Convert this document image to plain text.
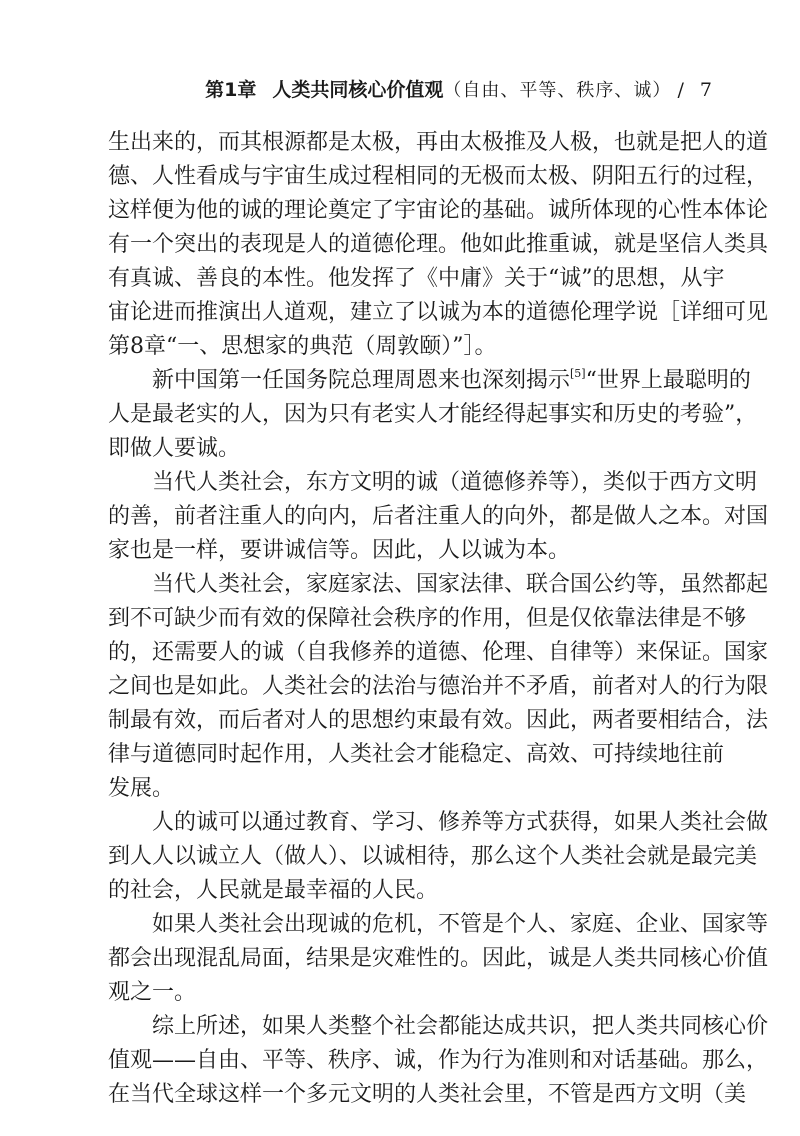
第1章 人类共同核心价值观（自由、平等、秩序、诚） / 7
生出来的，而其根源都是太极，再由太极推及人极，也就是把人的道
德、人性看成与宇宙生成过程相同的无极而太极、阴阳五行的过程，
这样便为他的诚的理论奠定了宇宙论的基础。诚所体现的心性本体论
有一个突出的表现是人的道德伦理。他如此推重诚，就是坚信人类具
有真诚、善良的本性。他发挥了《中庸》关于“诚”的思想，从宇
宙论进而推演出人道观，建立了以诚为本的道德伦理学说［详细可见
第8章“一、思想家的典范（周敦颐）”］。
新中国第一任国务院总理周恩来也深刻揭示[5]“世界上最聪明的
人是最老实的人，因为只有老实人才能经得起事实和历史的考验”，
即做人要诚。
当代人类社会，东方文明的诚（道德修养等），类似于西方文明
的善，前者注重人的向内，后者注重人的向外，都是做人之本。对国
家也是一样，要讲诚信等。因此，人以诚为本。
当代人类社会，家庭家法、国家法律、联合国公约等，虽然都起
到不可缺少而有效的保障社会秩序的作用，但是仅依靠法律是不够
的，还需要人的诚（自我修养的道德、伦理、自律等）来保证。国家
之间也是如此。人类社会的法治与德治并不矛盾，前者对人的行为限
制最有效，而后者对人的思想约束最有效。因此，两者要相结合，法
律与道德同时起作用，人类社会才能稳定、高效、可持续地往前
发展。
人的诚可以通过教育、学习、修养等方式获得，如果人类社会做
到人人以诚立人（做人）、以诚相待，那么这个人类社会就是最完美
的社会，人民就是最幸福的人民。
如果人类社会出现诚的危机，不管是个人、家庭、企业、国家等
都会出现混乱局面，结果是灾难性的。因此，诚是人类共同核心价值
观之一。
综上所述，如果人类整个社会都能达成共识，把人类共同核心价
值观——自由、平等、秩序、诚，作为行为准则和对话基础。那么，
在当代全球这样一个多元文明的人类社会里，不管是西方文明（美
